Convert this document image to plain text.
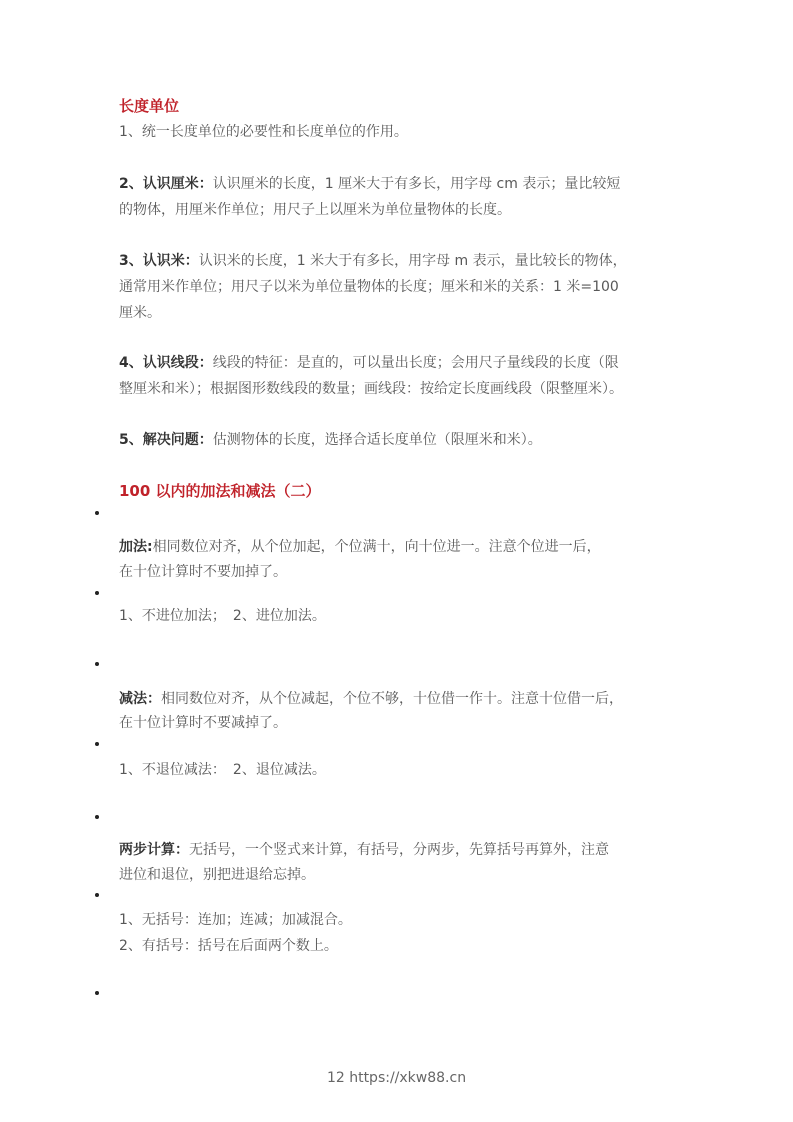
长度单位
1、统一长度单位的必要性和长度单位的作用。
2、认识厘米：认识厘米的长度，1 厘米大于有多长，用字母 cm 表示；量比较短
的物体，用厘米作单位；用尺子上以厘米为单位量物体的长度。
3、认识米：认识米的长度，1 米大于有多长，用字母 m 表示，量比较长的物体，
通常用米作单位；用尺子以米为单位量物体的长度；厘米和米的关系：1 米=100
厘米。
4、认识线段：线段的特征：是直的，可以量出长度；会用尺子量线段的长度（限
整厘米和米）；根据图形数线段的数量；画线段：按给定长度画线段（限整厘米）。
5、解决问题：估测物体的长度，选择合适长度单位（限厘米和米）。
100 以内的加法和减法（二）
加法:相同数位对齐，从个位加起，个位满十，向十位进一。注意个位进一后，
在十位计算时不要加掉了。
1、不进位加法；　2、进位加法。
减法：相同数位对齐，从个位减起，个位不够，十位借一作十。注意十位借一后，
在十位计算时不要减掉了。
1、不退位减法：　2、退位减法。
两步计算：无括号，一个竖式来计算，有括号，分两步，先算括号再算外，注意
进位和退位，别把进退给忘掉。
1、无括号：连加；连减；加减混合。
2、有括号：括号在后面两个数上。
12 https://xkw88.cn
